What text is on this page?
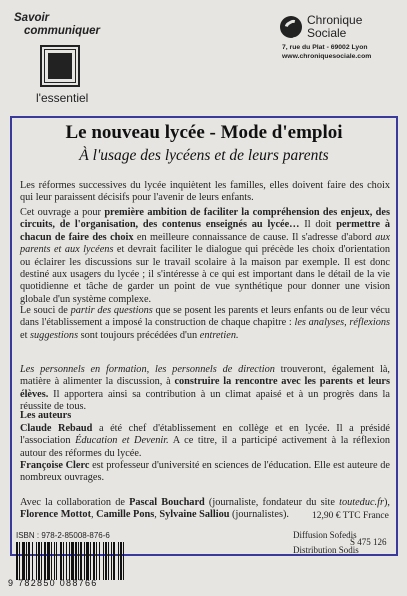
Savoir

communiquer
l'essentiel
Chronique
Sociale
7, rue du Plat - 69002 Lyon
www.chroniquesociale.com
Le nouveau lycée - Mode d'emploi
À l'usage des lycéens et de leurs parents

Les réformes successives du lycée inquiètent les familles, elles doivent faire des choix qui leur paraissent décisifs pour l'avenir de leurs enfants.

Cet ouvrage a pour première ambition de faciliter la compréhension des enjeux, des circuits, de l'organisation, des contenus enseignés au lycée… Il doit permettre à chacun de faire des choix en meilleure connaissance de cause. Il s'adresse d'abord aux parents et aux lycéens et devrait faciliter le dialogue qui précède les choix d'orientation ou éclairer les discussions sur le travail scolaire à la maison par exemple. Il est donc destiné aux usagers du lycée ; il s'intéresse à ce qui est important dans le détail de la vie quotidienne et tâche de garder un point de vue synthétique pour donner une vision globale d'un système complexe.

Le souci de partir des questions que se posent les parents et leurs enfants ou de leur vécu dans l'établissement a imposé la construction de chaque chapitre : les analyses, réflexions et suggestions sont toujours précédées d'un entretien.

Les personnels en formation, les personnels de direction trouveront, également là, matière à alimenter la discussion, à construire la rencontre avec les parents et leurs élèves. Il apportera ainsi sa contribution à un climat apaisé et à un progrès dans la réussite de tous.

Les auteurs

Claude Rebaud a été chef d'établissement en collège et en lycée. Il a présidé l'association Éducation et Devenir. A ce titre, il a participé activement à la réflexion autour des réformes du lycée.

Françoise Clerc est professeur d'université en sciences de l'éducation. Elle est auteure de nombreux ouvrages.

Avec la collaboration de Pascal Bouchard (journaliste, fondateur du site touteduc.fr), Florence Mottot, Camille Pons, Sylvaine Salliou (journalistes).	12,90 € TTC France
ISBN : 978-2-85008-876-6
9 782850 088766
Diffusion Sofedis
Distribution Sodis
S 475 126
